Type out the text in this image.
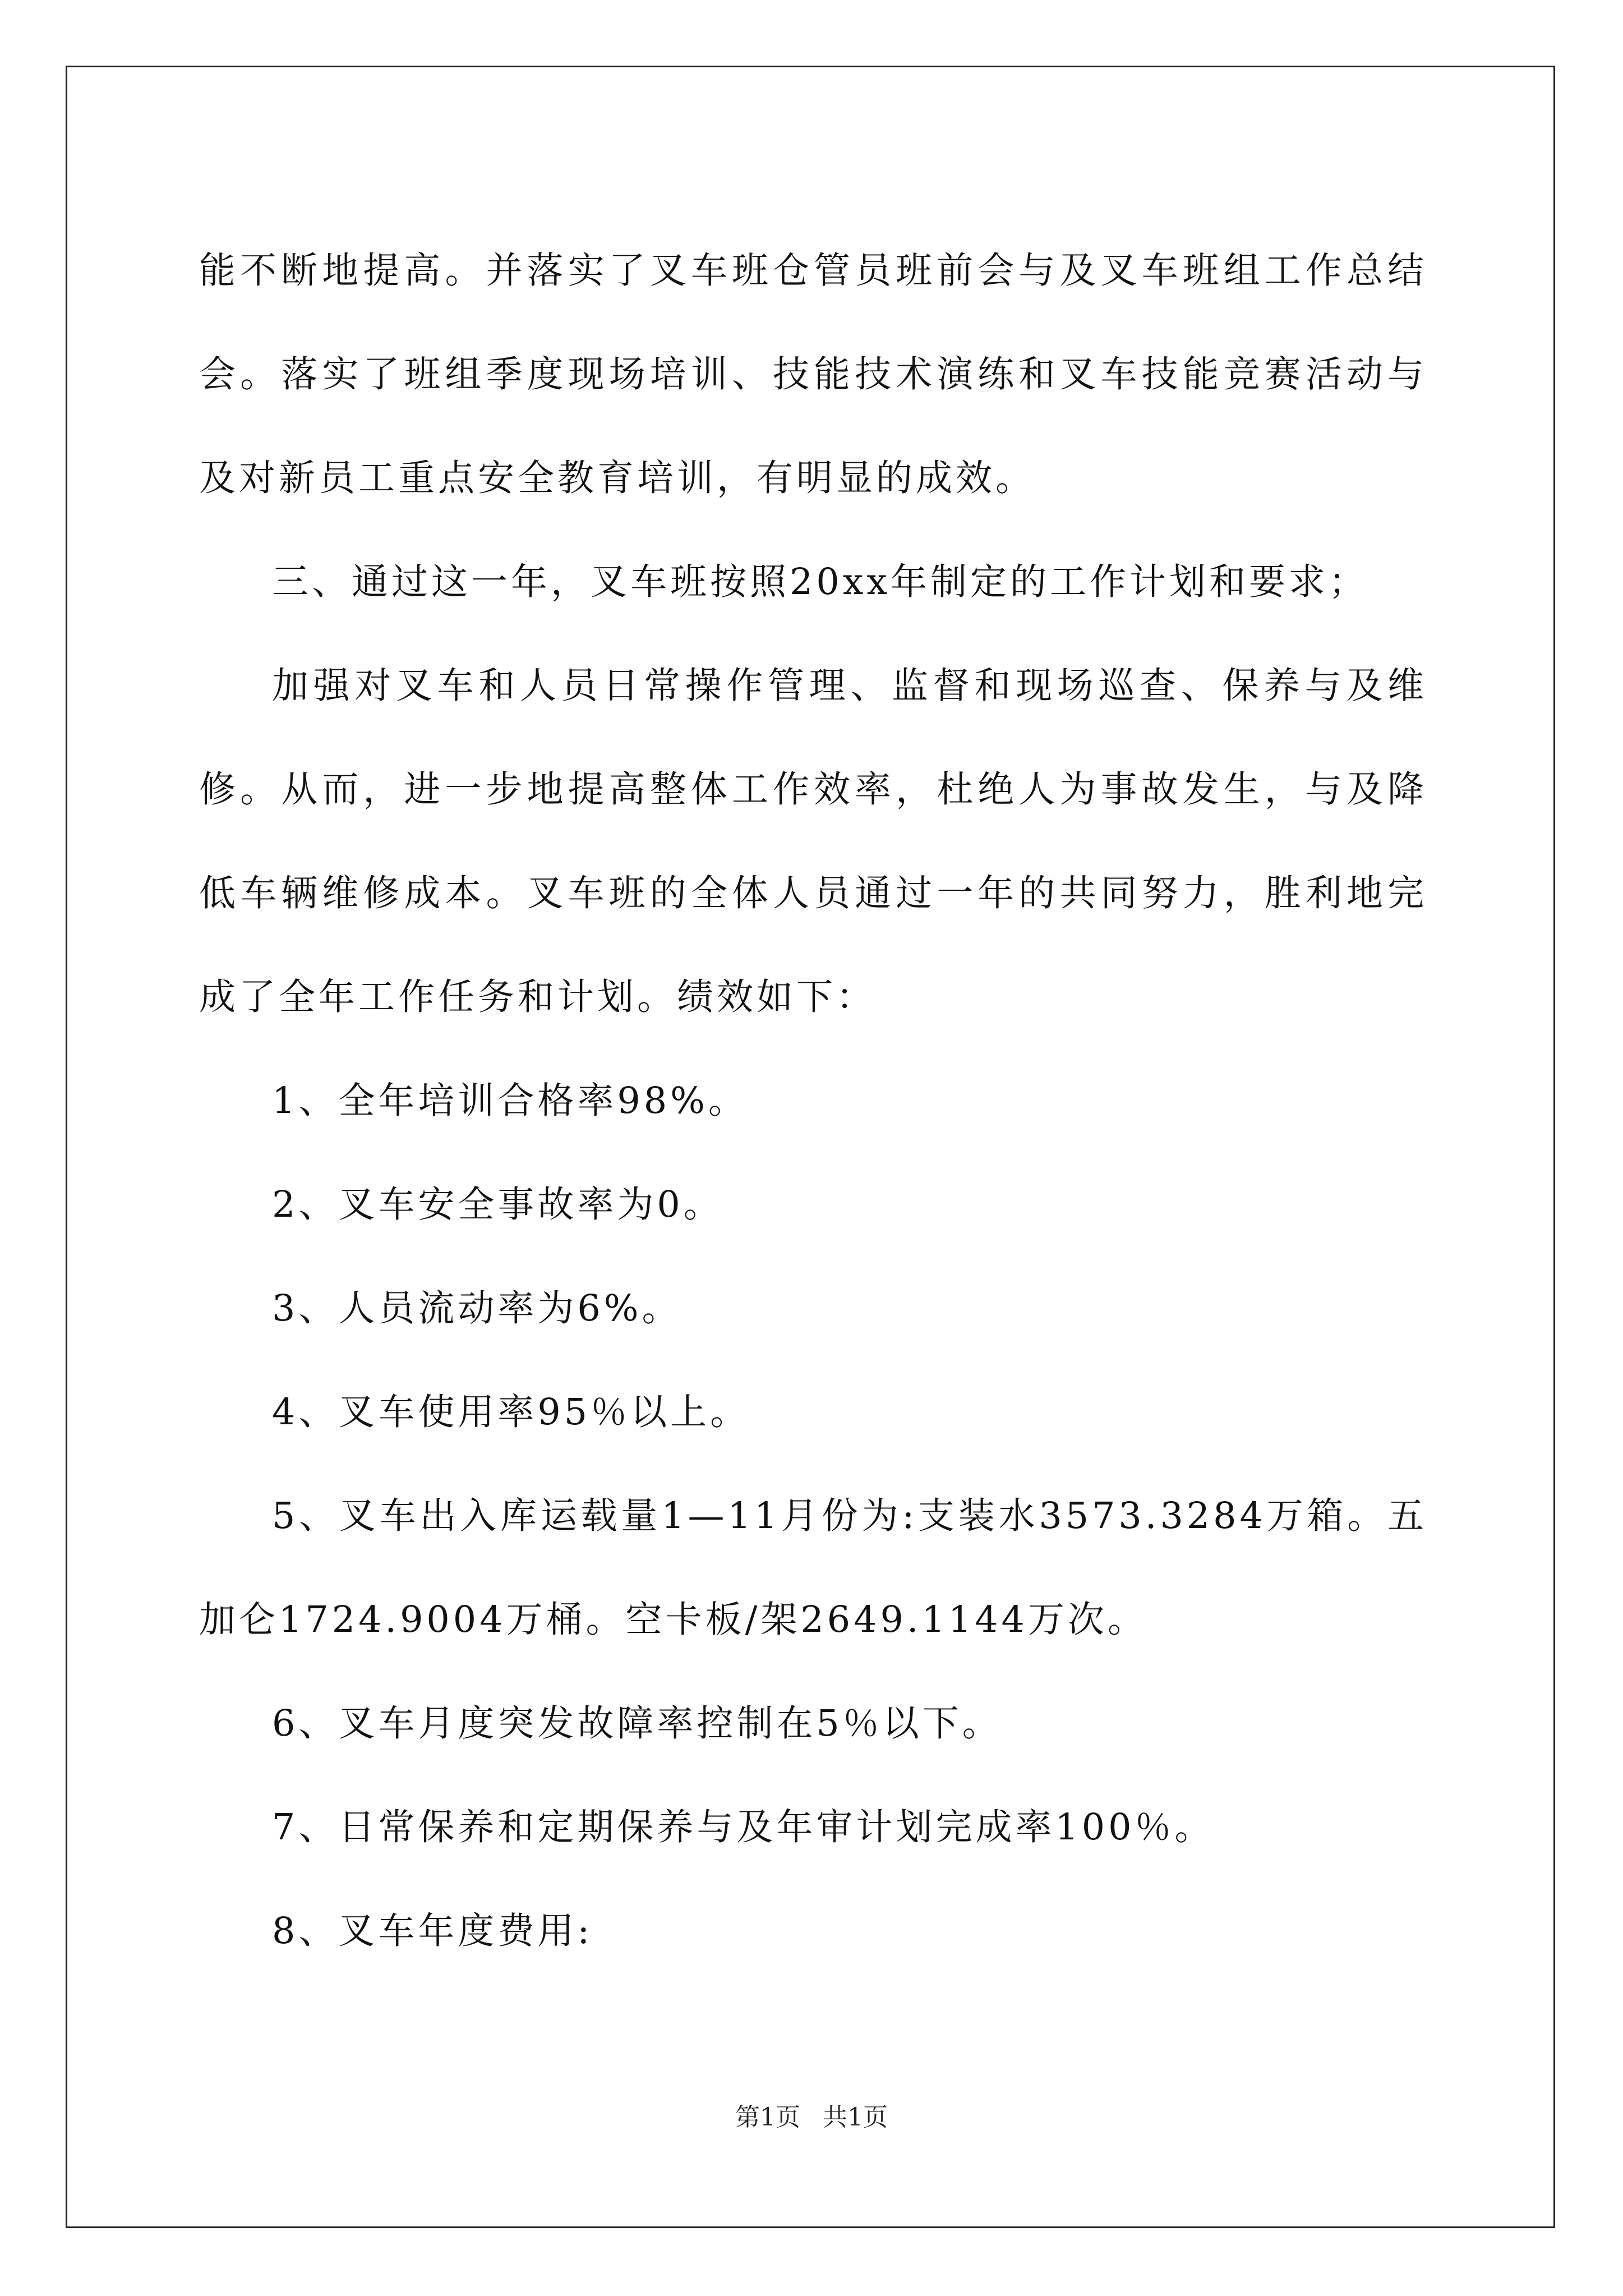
能不断地提高。并落实了叉车班仓管员班前会与及叉车班组工作总结
会。落实了班组季度现场培训、技能技术演练和叉车技能竞赛活动与
及对新员工重点安全教育培训，有明显的成效。

三、通过这一年，叉车班按照20xx年制定的工作计划和要求；

加强对叉车和人员日常操作管理、监督和现场巡查、保养与及维
修。从而，进一步地提高整体工作效率，杜绝人为事故发生，与及降
低车辆维修成本。叉车班的全体人员通过一年的共同努力，胜利地完
成了全年工作任务和计划。绩效如下：

1、全年培训合格率98%。

2、叉车安全事故率为0。

3、人员流动率为6%。

4、叉车使用率95％以上。

5、叉车出入库运载量1—11月份为:支装水3573.3284万箱。五
加仑1724.9004万桶。空卡板/架2649.1144万次。

6、叉车月度突发故障率控制在5％以下。

7、日常保养和定期保养与及年审计划完成率100％。

8、叉车年度费用:

第1页 共1页
